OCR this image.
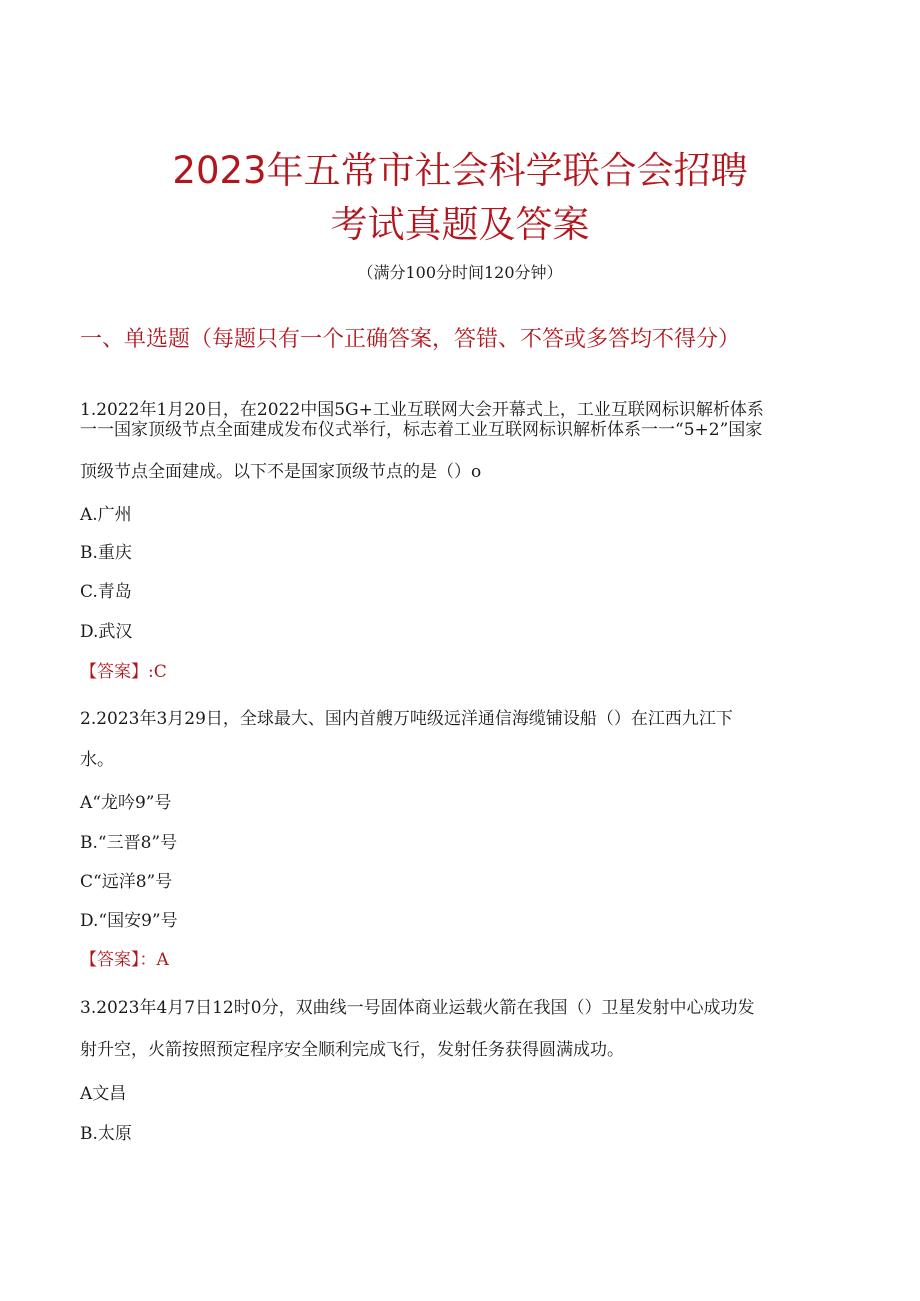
2023年五常市社会科学联合会招聘
考试真题及答案
（满分100分时间120分钟）
一、单选题（每题只有一个正确答案，答错、不答或多答均不得分）
1.2022年1月20日，在2022中国5G+工业互联网大会开幕式上，工业互联网标识解析体系
一一国家顶级节点全面建成发布仪式举行，标志着工业互联网标识解析体系一一“5+2”国家
顶级节点全面建成。以下不是国家顶级节点的是（）o
A.广州
B.重庆
C.青岛
D.武汉
【答案】:C
2.2023年3月29日，全球最大、国内首艘万吨级远洋通信海缆铺设船（）在江西九江下
水。
A“龙吟9”号
B.“三晋8”号
C“远洋8”号
D.“国安9”号
【答案】：A
3.2023年4月7日12时0分，双曲线一号固体商业运载火箭在我国（）卫星发射中心成功发
射升空，火箭按照预定程序安全顺利完成飞行，发射任务获得圆满成功。
A文昌
B.太原
